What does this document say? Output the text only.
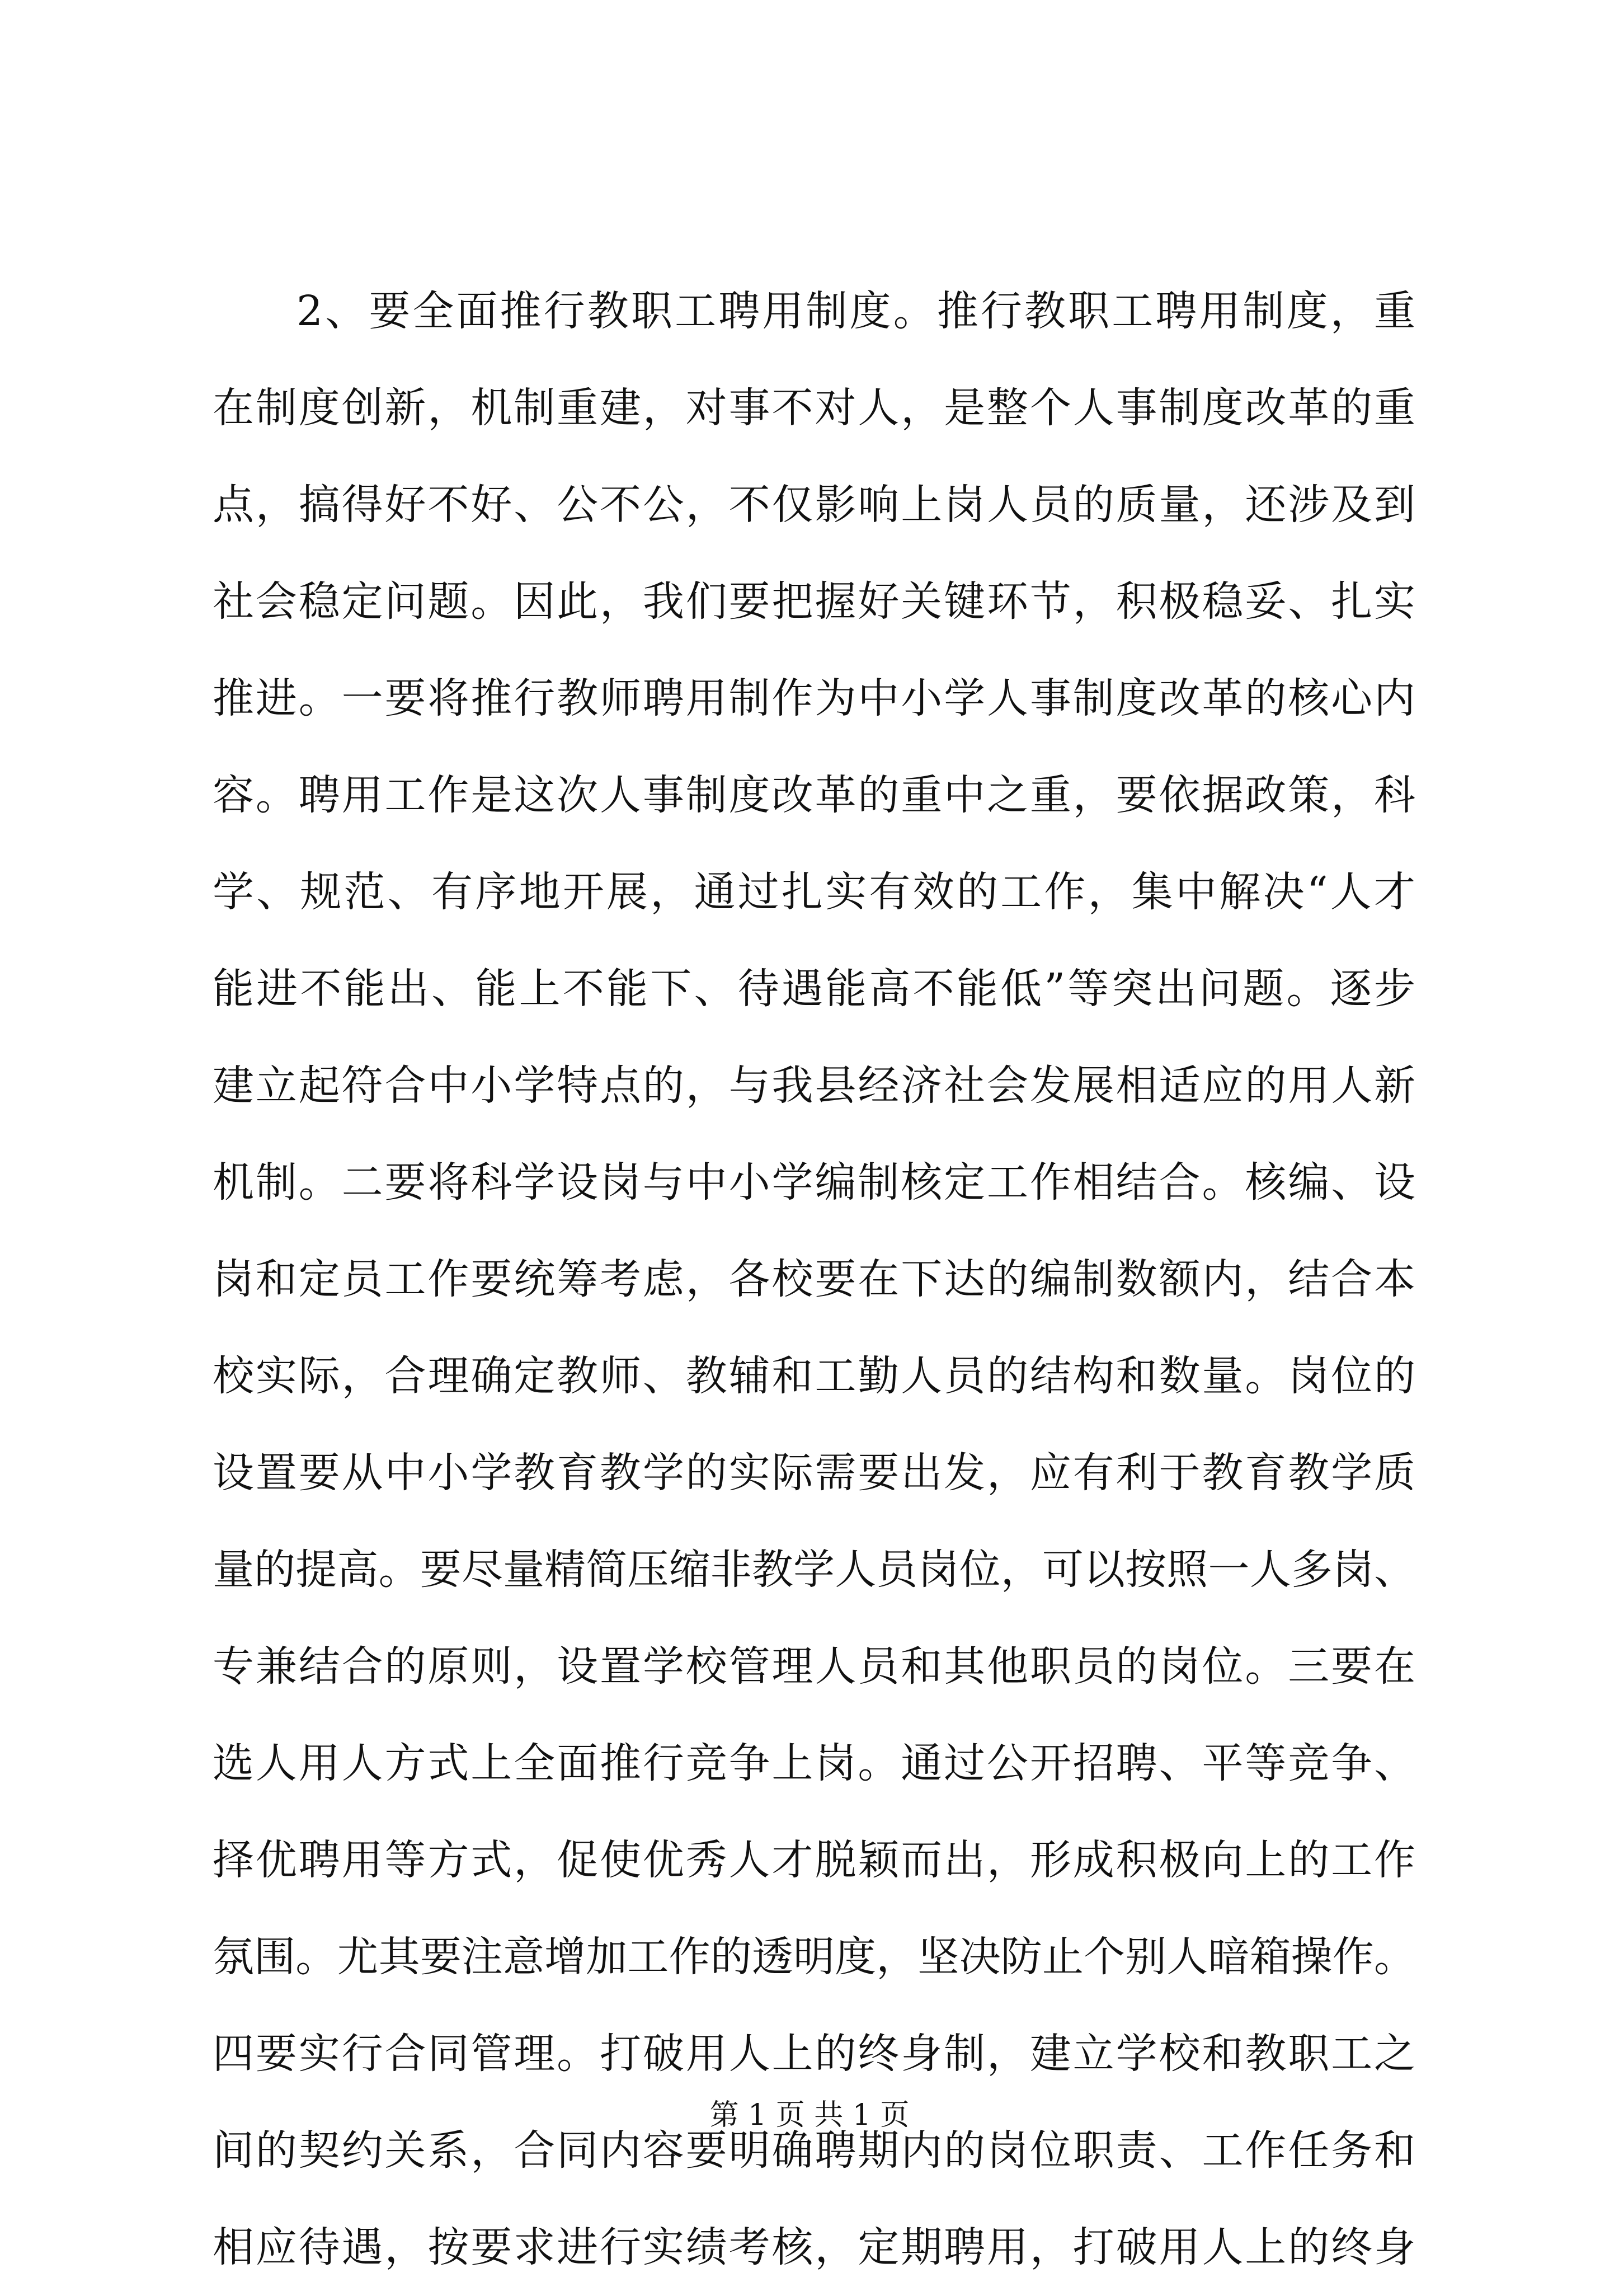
2、要全面推行教职工聘用制度。推行教职工聘用制度，重
在制度创新，机制重建，对事不对人，是整个人事制度改革的重
点，搞得好不好、公不公，不仅影响上岗人员的质量，还涉及到
社会稳定问题。因此，我们要把握好关键环节，积极稳妥、扎实
推进。一要将推行教师聘用制作为中小学人事制度改革的核心内
容。聘用工作是这次人事制度改革的重中之重，要依据政策，科
学、规范、有序地开展，通过扎实有效的工作，集中解决“人才
能进不能出、能上不能下、待遇能高不能低”等突出问题。逐步
建立起符合中小学特点的，与我县经济社会发展相适应的用人新
机制。二要将科学设岗与中小学编制核定工作相结合。核编、设
岗和定员工作要统筹考虑，各校要在下达的编制数额内，结合本
校实际，合理确定教师、教辅和工勤人员的结构和数量。岗位的
设置要从中小学教育教学的实际需要出发，应有利于教育教学质
量的提高。要尽量精简压缩非教学人员岗位，可以按照一人多岗、
专兼结合的原则，设置学校管理人员和其他职员的岗位。三要在
选人用人方式上全面推行竞争上岗。通过公开招聘、平等竞争、
择优聘用等方式，促使优秀人才脱颖而出，形成积极向上的工作
氛围。尤其要注意增加工作的透明度，坚决防止个别人暗箱操作。
四要实行合同管理。打破用人上的终身制，建立学校和教职工之
间的契约关系，合同内容要明确聘期内的岗位职责、工作任务和
相应待遇，按要求进行实绩考核，定期聘用，打破用人上的终身
第 1 页 共 1 页
